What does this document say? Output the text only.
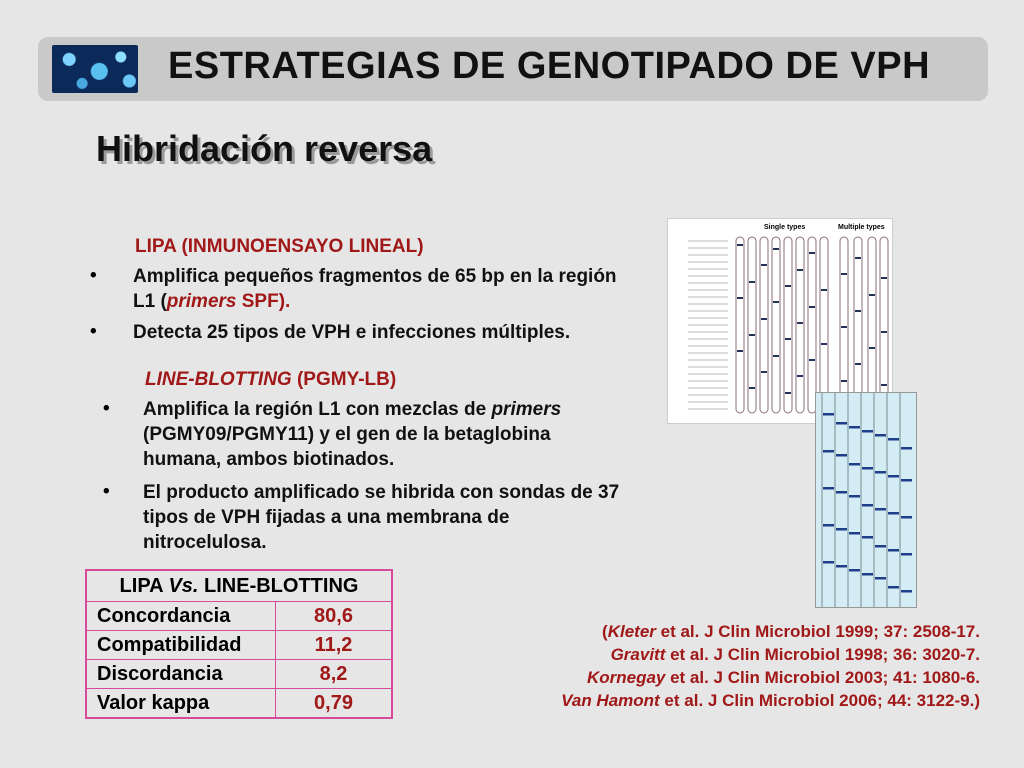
ESTRATEGIAS DE GENOTIPADO DE VPH
Hibridación reversa
LIPA (INMUNOENSAYO LINEAL)
• Amplifica pequeños fragmentos de 65 bp en la región L1 (primers SPF).
• Detecta 25 tipos de VPH e infecciones múltiples.
LINE-BLOTTING (PGMY-LB)
• Amplifica la región L1 con mezclas de primers (PGMY09/PGMY11) y el gen de la betaglobina humana, ambos biotinados.
• El producto amplificado se hibrida con sondas de 37 tipos de VPH fijadas a una membrana de nitrocelulosa.
LIPA Vs. LINE-BLOTTING	
Concordancia	80,6
Compatibilidad	11,2
Discordancia	8,2
Valor kappa	0,79
(Kleter et al. J Clin Microbiol 1999; 37: 2508-17.
Gravitt et al. J Clin Microbiol 1998; 36: 3020-7.
Kornegay et al. J Clin Microbiol 2003; 41: 1080-6.
Van Hamont et al. J Clin Microbiol 2006; 44: 3122-9.)
Single types	Multiple types
